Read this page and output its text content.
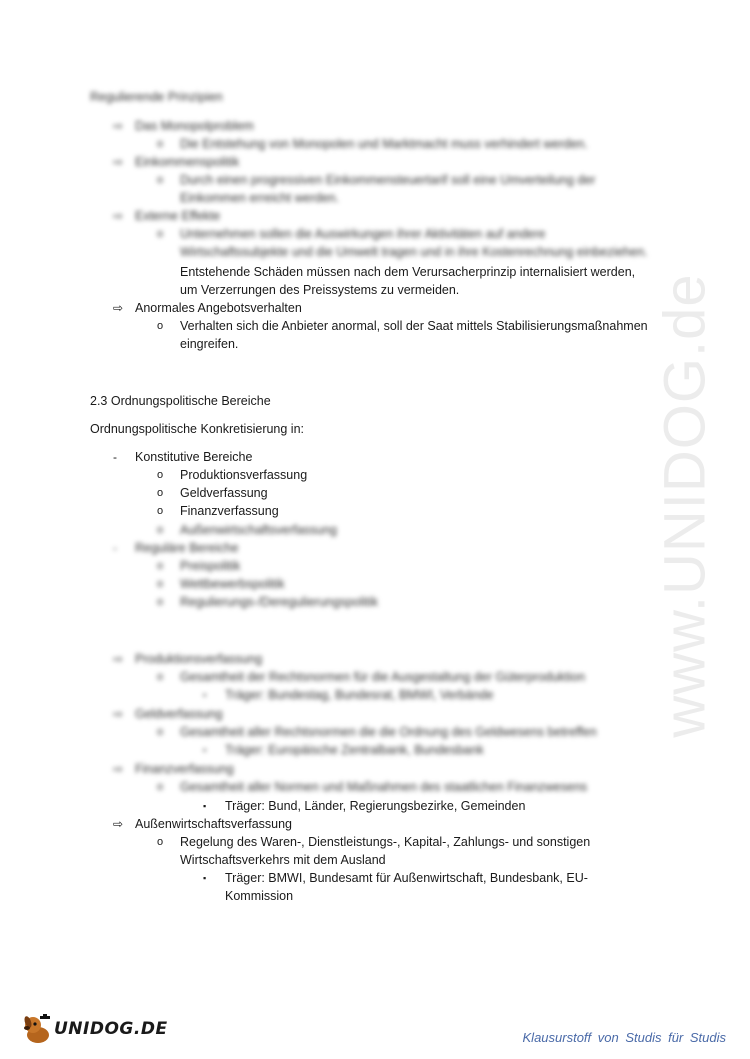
www.UNIDOG.de
Regulierende Prinzipien
⇨ Das Monopolproblem
o Die Entstehung von Monopolen und Marktmacht muss verhindert werden.
⇨ Einkommenspolitik
o Durch einen progressiven Einkommensteuertarif soll eine Umverteilung der
Einkommen erreicht werden.
⇨ Externe Effekte
o Unternehmen sollen die Auswirkungen ihrer Aktivitäten auf andere
Wirtschaftssubjekte und die Umwelt tragen und in ihre Kostenrechnung einbeziehen.
Entstehende Schäden müssen nach dem Verursacherprinzip internalisiert werden,
um Verzerrungen des Preissystems zu vermeiden.
⇨ Anormales Angebotsverhalten
o Verhalten sich die Anbieter anormal, soll der Saat mittels Stabilisierungsmaßnahmen
eingreifen.
2.3 Ordnungspolitische Bereiche
Ordnungspolitische Konkretisierung in:
- Konstitutive Bereiche
o Produktionsverfassung
o Geldverfassung
o Finanzverfassung
o Außenwirtschaftsverfassung
- Reguläre Bereiche
o Preispolitik
o Wettbewerbspolitik
o Regulierungs-/Deregulierungspolitik
⇨ Produktionsverfassung
o Gesamtheit der Rechtsnormen für die Ausgestaltung der Güterproduktion
▪ Träger: Bundestag, Bundesrat, BMWI, Verbände
⇨ Geldverfassung
o Gesamtheit aller Rechtsnormen die die Ordnung des Geldwesens betreffen
▪ Träger: Europäische Zentralbank, Bundesbank
⇨ Finanzverfassung
o Gesamtheit aller Normen und Maßnahmen des staatlichen Finanzwesens
▪ Träger: Bund, Länder, Regierungsbezirke, Gemeinden
⇨ Außenwirtschaftsverfassung
o Regelung des Waren-, Dienstleistungs-, Kapital-, Zahlungs- und sonstigen
Wirtschaftsverkehrs mit dem Ausland
▪ Träger: BMWI, Bundesamt für Außenwirtschaft, Bundesbank, EU-
Kommission
UNIDOG.DE	Klausurstoff von Studis für Studis
